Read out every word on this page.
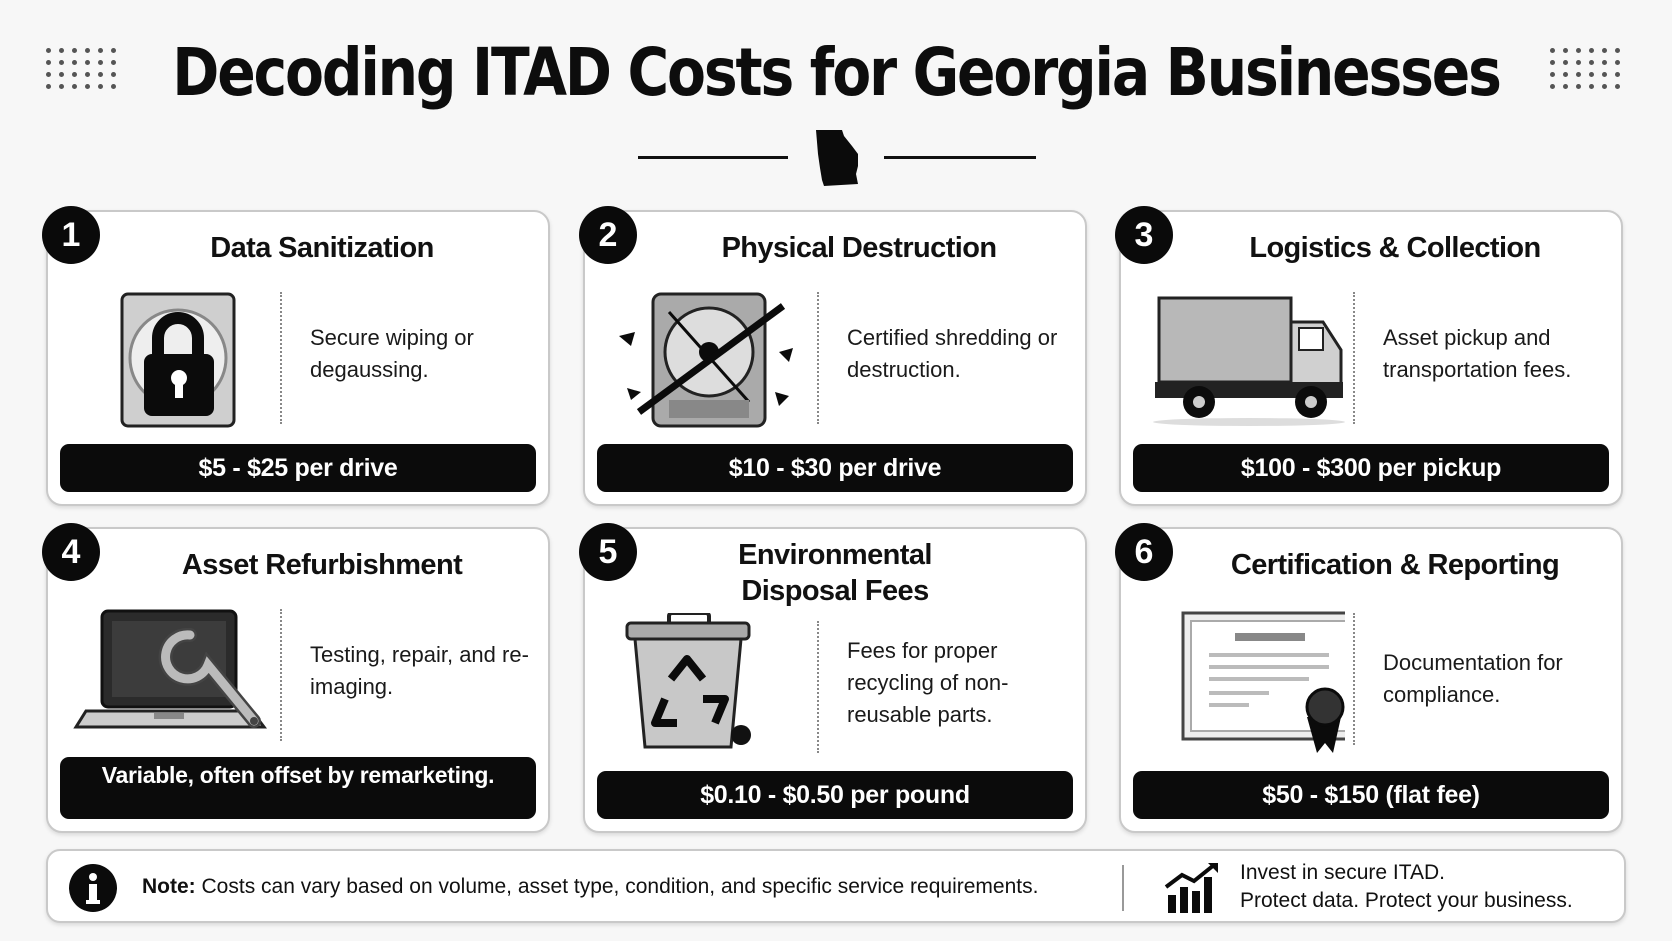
Decoding ITAD Costs for Georgia Businesses
1	Data Sanitization
Secure wiping or degaussing.
$5 - $25 per drive
2	Physical Destruction
Certified shredding or destruction.
$10 - $30 per drive
3	Logistics & Collection
Asset pickup and transportation fees.
$100 - $300 per pickup
4	Asset Refurbishment
Testing, repair, and re-imaging.
Variable, often offset by remarketing.
5	Environmental Disposal Fees
Fees for proper recycling of non-reusable parts.
$0.10 - $0.50 per pound
6	Certification & Reporting
Documentation for compliance.
$50 - $150 (flat fee)
Note: Costs can vary based on volume, asset type, condition, and specific service requirements.
Invest in secure ITAD.
Protect data. Protect your business.
